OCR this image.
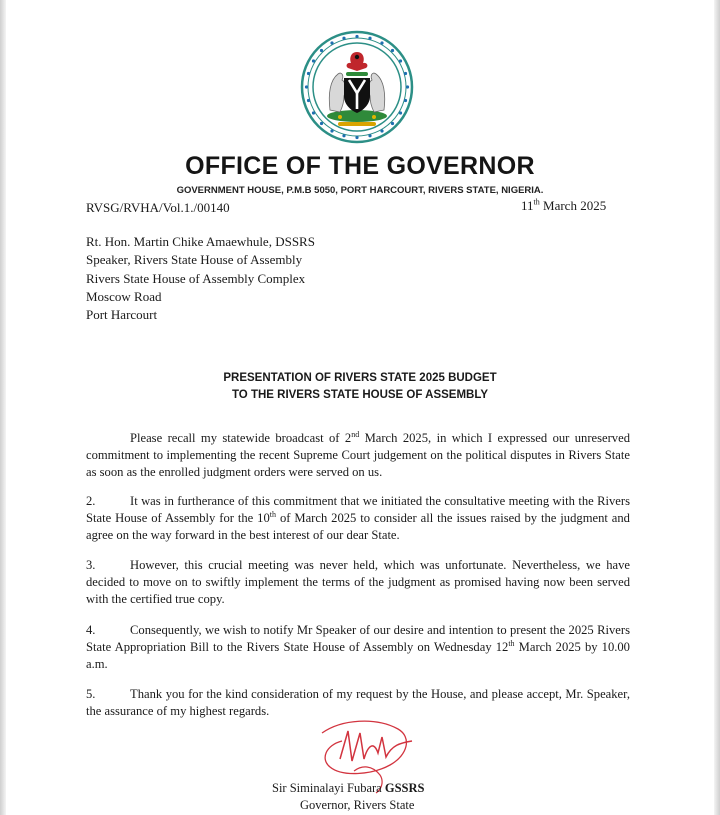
OFFICE OF THE GOVERNOR
GOVERNMENT HOUSE, P.M.B 5050, PORT HARCOURT, RIVERS STATE, NIGERIA.
RVSG/RVHA/Vol.1./00140	11th March 2025
Rt. Hon. Martin Chike Amaewhule, DSSRS
Speaker, Rivers State House of Assembly
Rivers State House of Assembly Complex
Moscow Road
Port Harcourt
PRESENTATION OF RIVERS STATE 2025 BUDGET
TO THE RIVERS STATE HOUSE OF ASSEMBLY
Please recall my statewide broadcast of 2nd March 2025, in which I expressed our unreserved commitment to implementing the recent Supreme Court judgement on the political disputes in Rivers State as soon as the enrolled judgment orders were served on us.
2.	It was in furtherance of this commitment that we initiated the consultative meeting with the Rivers State House of Assembly for the 10th of March 2025 to consider all the issues raised by the judgment and agree on the way forward in the best interest of our dear State.
3.	However, this crucial meeting was never held, which was unfortunate. Nevertheless, we have decided to move on to swiftly implement the terms of the judgment as promised having now been served with the certified true copy.
4.	Consequently, we wish to notify Mr Speaker of our desire and intention to present the 2025 Rivers State Appropriation Bill to the Rivers State House of Assembly on Wednesday 12th March 2025 by 10.00 a.m.
5.	Thank you for the kind consideration of my request by the House, and please accept, Mr. Speaker, the assurance of my highest regards.
Sir Siminalayi Fubara GSSRS
Governor, Rivers State
